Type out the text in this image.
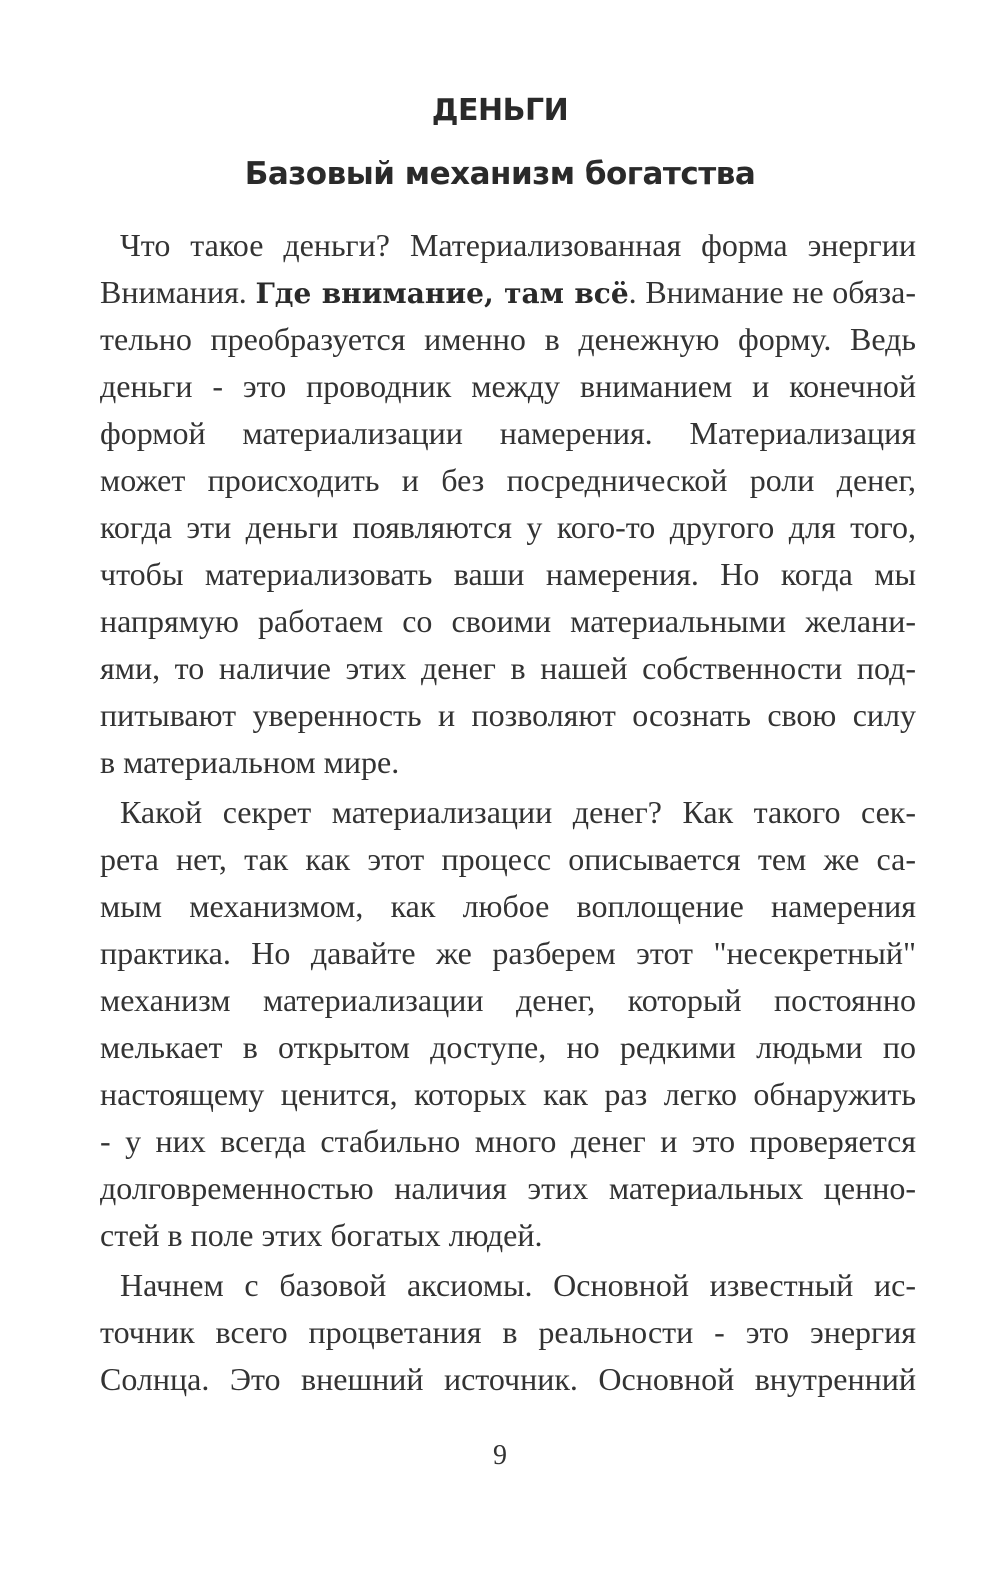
ДЕНЬГИ
Базовый механизм богатства
Что такое деньги? Материализованная форма энергии
Внимания. Где внимание, там всё. Внимание не обяза-
тельно преобразуется именно в денежную форму. Ведь
деньги - это проводник между вниманием и конечной
формой материализации намерения. Материализация
может происходить и без посреднической роли денег,
когда эти деньги появляются у кого-то другого для того,
чтобы материализовать ваши намерения. Но когда мы
напрямую работаем со своими материальными желани-
ями, то наличие этих денег в нашей собственности под-
питывают уверенность и позволяют осознать свою силу
в материальном мире.
Какой секрет материализации денег? Как такого сек-
рета нет, так как этот процесс описывается тем же са-
мым механизмом, как любое воплощение намерения
практика. Но давайте же разберем этот "несекретный"
механизм материализации денег, который постоянно
мелькает в открытом доступе, но редкими людьми по
настоящему ценится, которых как раз легко обнаружить
- у них всегда стабильно много денег и это проверяется
долговременностью наличия этих материальных ценно-
стей в поле этих богатых людей.
Начнем с базовой аксиомы. Основной известный ис-
точник всего процветания в реальности - это энергия
Солнца. Это внешний источник. Основной внутренний
9
